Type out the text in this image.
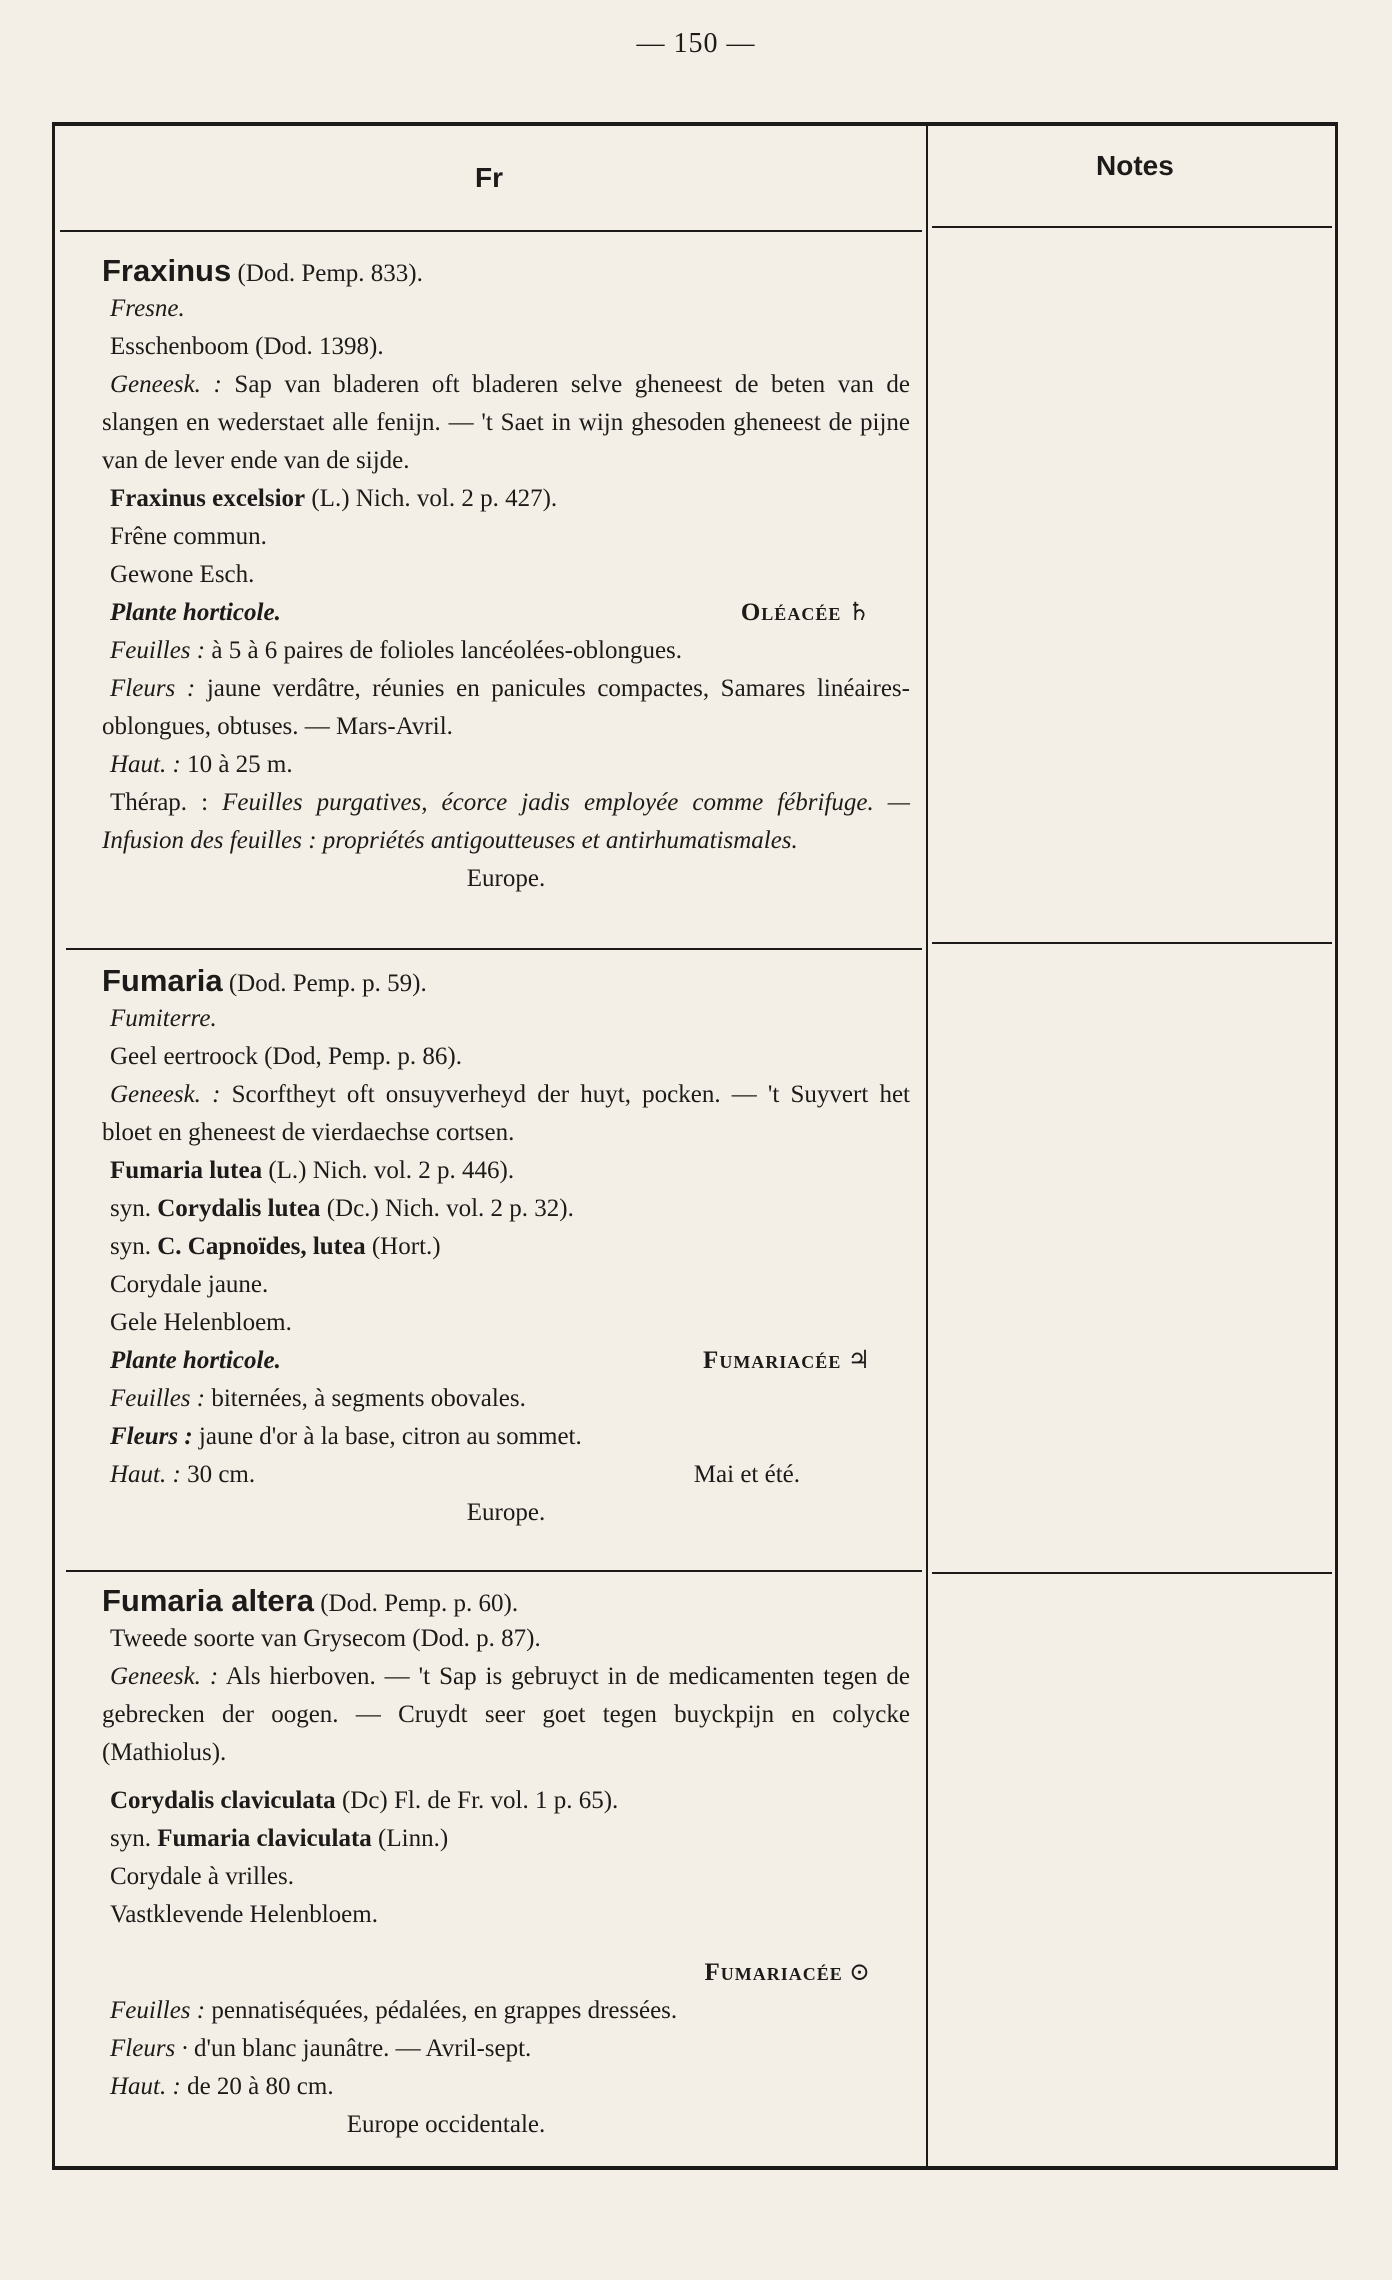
— 150 —
Fr	Notes
Fraxinus (Dod. Pemp. 833).
Fresne.
Esschenboom (Dod. 1398).
Geneesk. : Sap van bladeren oft bladeren selve gheneest de beten van de slangen en wederstaet alle fenijn. — 't Saet in wijn ghesoden gheneest de pijne van de lever ende van de sijde.
Fraxinus excelsior (L.) Nich. vol. 2 p. 427).
Frêne commun.
Gewone Esch.
Plante horticole.	Oléacée ♄
Feuilles : à 5 à 6 paires de folioles lancéolées-oblongues.
Fleurs : jaune verdâtre, réunies en panicules compactes, Samares linéaires-oblongues, obtuses. — Mars-Avril.
Haut. : 10 à 25 m.
Thérap. : Feuilles purgatives, écorce jadis employée comme fébrifuge. — Infusion des feuilles : propriétés antigoutteuses et antirhumatismales.
Europe.
Fumaria (Dod. Pemp. p. 59).
Fumiterre.
Geel eertroock (Dod, Pemp. p. 86).
Geneesk. : Scorftheyt oft onsuyverheyd der huyt, pocken. — 't Suyvert het bloet en gheneest de vierdaechse cortsen.
Fumaria lutea (L.) Nich. vol. 2 p. 446).
syn. Corydalis lutea (Dc.) Nich. vol. 2 p. 32).
syn. C. Capnoïdes, lutea (Hort.)
Corydale jaune.
Gele Helenbloem.
Plante horticole.	Fumariacée ♃
Feuilles : biternées, à segments obovales.
Fleurs : jaune d'or à la base, citron au sommet.
Haut. : 30 cm.	Mai et été.
Europe.
Fumaria altera (Dod. Pemp. p. 60).
Tweede soorte van Grysecom (Dod. p. 87).
Geneesk. : Als hierboven. — 't Sap is gebruyct in de medicamenten tegen de gebrecken der oogen. — Cruydt seer goet tegen buyckpijn en colycke (Mathiolus).
Corydalis claviculata (Dc) Fl. de Fr. vol. 1 p. 65).
syn. Fumaria claviculata (Linn.)
Corydale à vrilles.
Vastklevende Helenbloem.
Fumariacée ⊙
Feuilles : pennatiséquées, pédalées, en grappes dressées.
Fleurs · d'un blanc jaunâtre. — Avril-sept.
Haut. : de 20 à 80 cm.
Europe occidentale.
